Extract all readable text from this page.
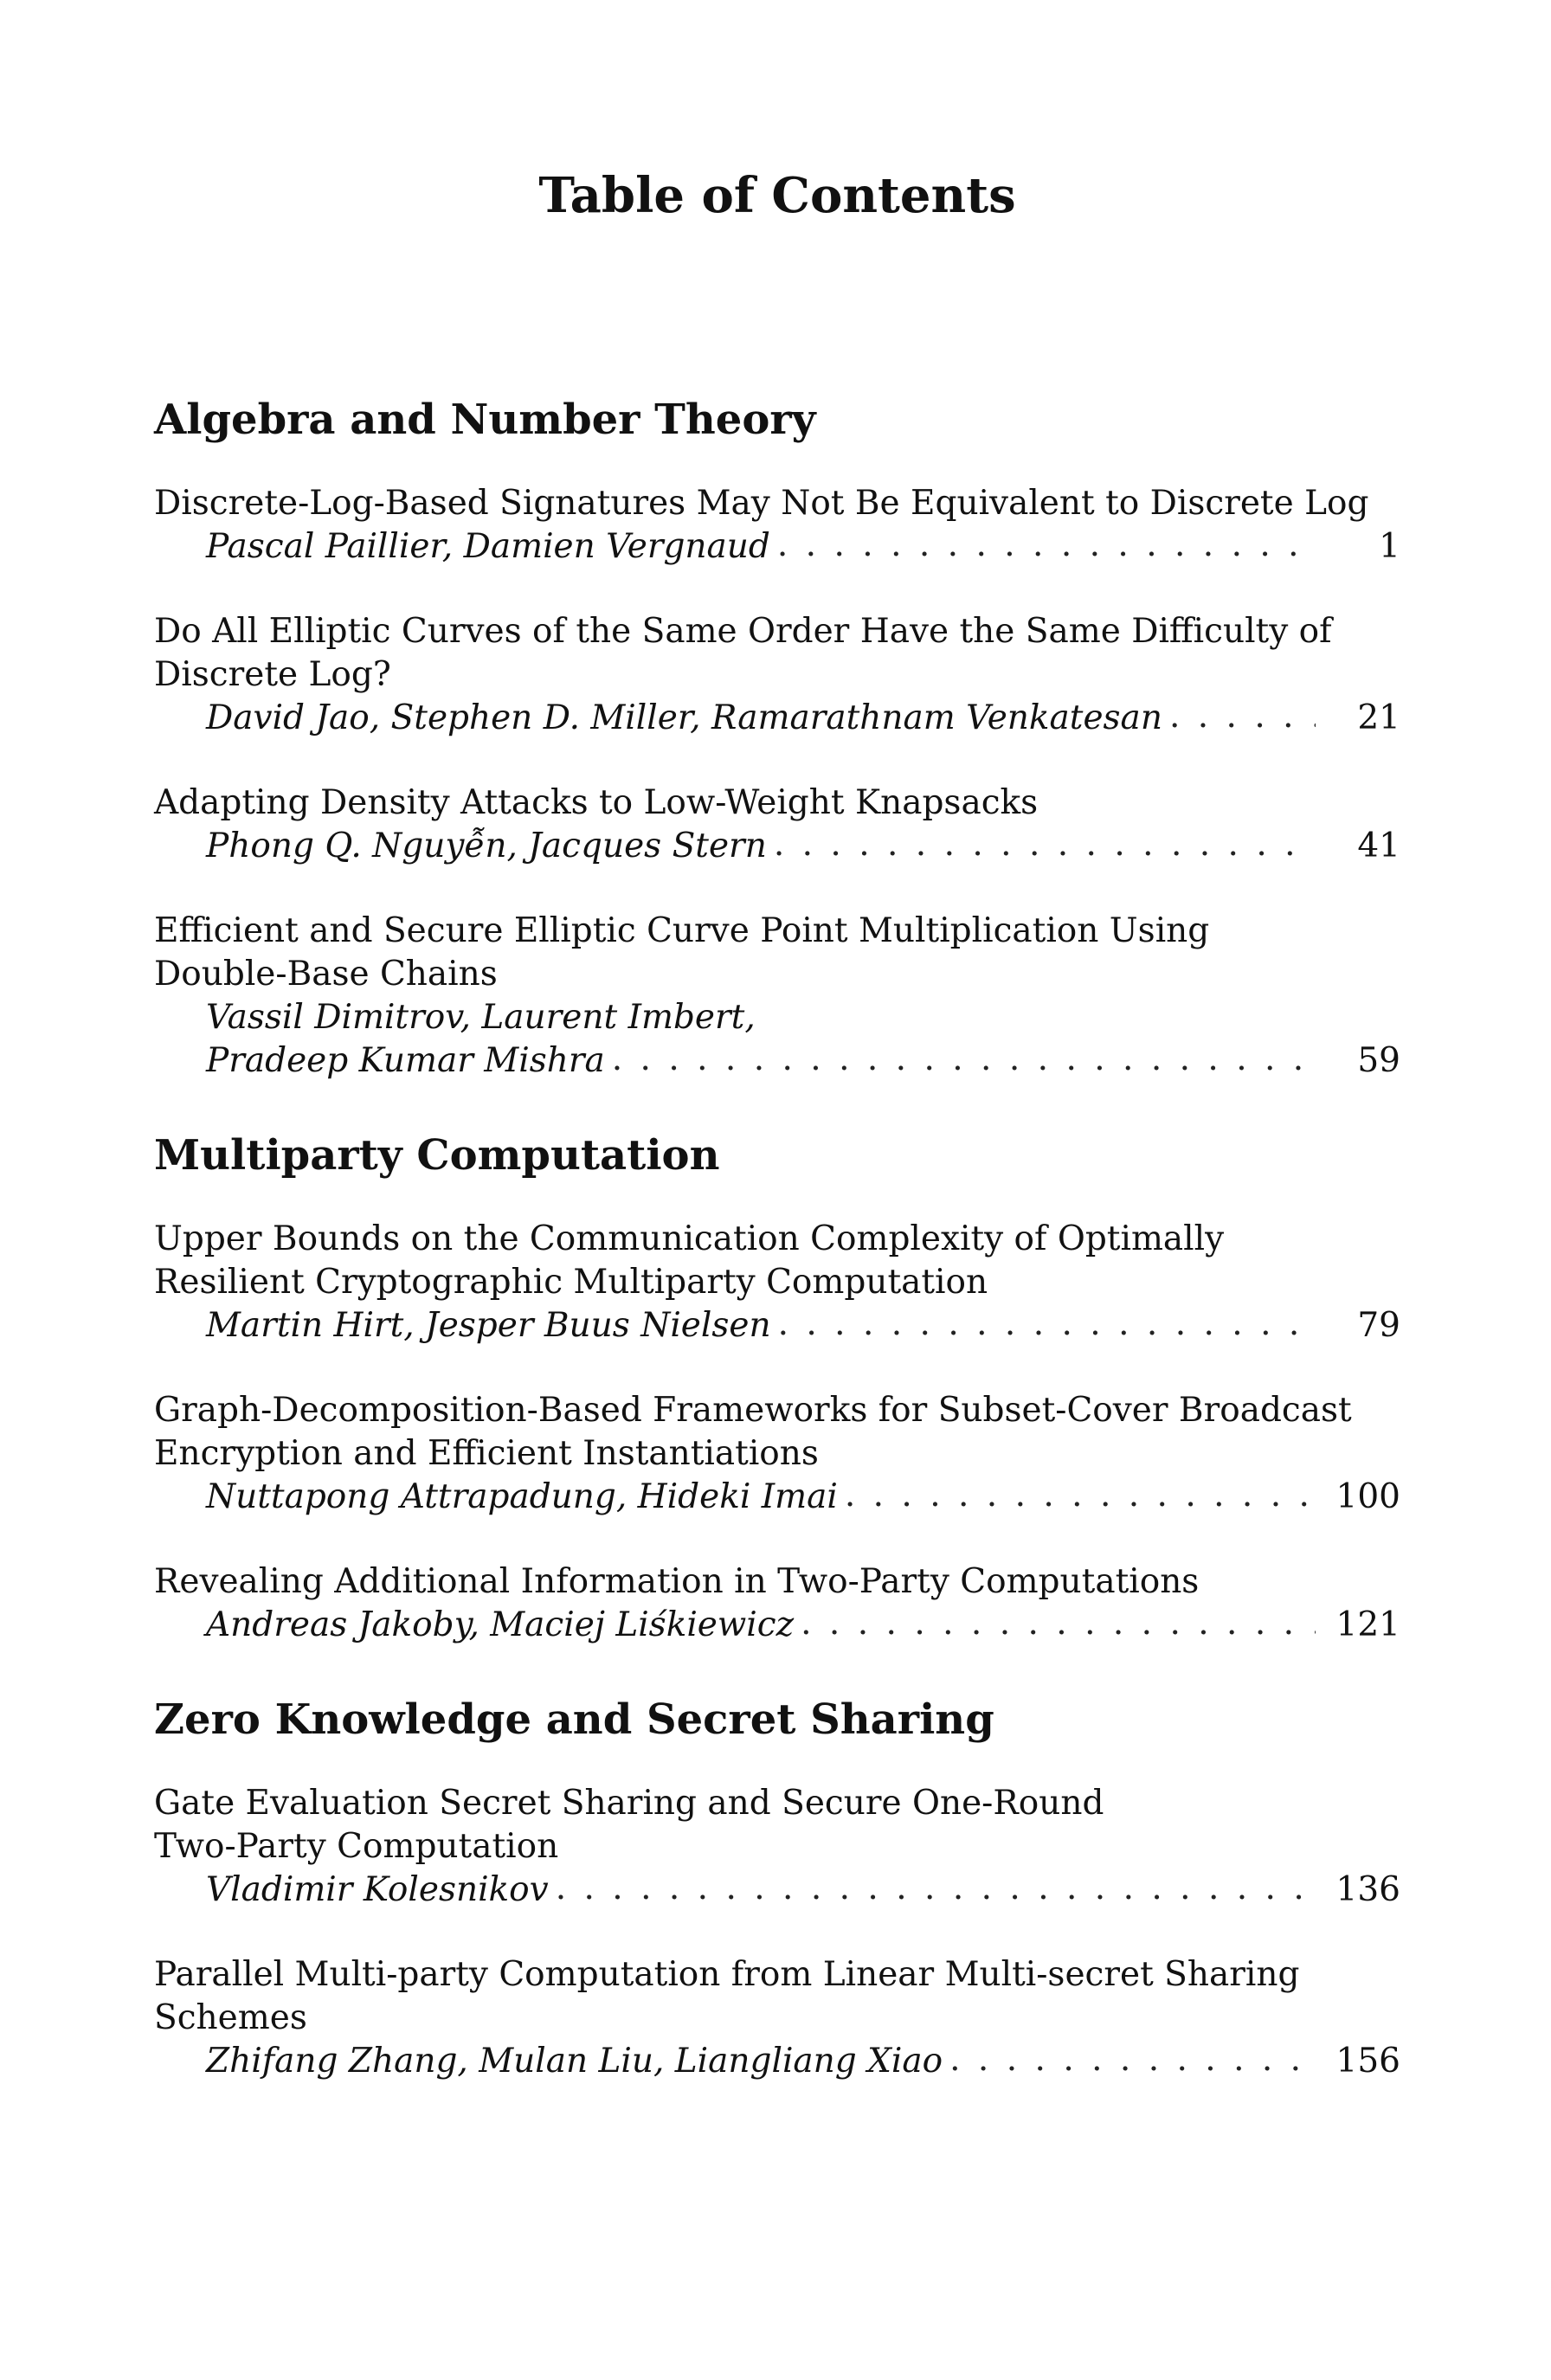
Table of Contents
Algebra and Number Theory

Discrete-Log-Based Signatures May Not Be Equivalent to Discrete Log

Pascal Paillier, Damien Vergnaud . . .	1

Do All Elliptic Curves of the Same Order Have the Same Difficulty of
Discrete Log?

David Jao, Stephen D. Miller, Ramarathnam Venkatesan . . .	21

Adapting Density Attacks to Low-Weight Knapsacks

Phong Q. Nguyễn, Jacques Stern . . .	41

Efficient and Secure Elliptic Curve Point Multiplication Using
Double-Base Chains

Vassil Dimitrov, Laurent Imbert,
Pradeep Kumar Mishra . . .	59
Multiparty Computation

Upper Bounds on the Communication Complexity of Optimally
Resilient Cryptographic Multiparty Computation

Martin Hirt, Jesper Buus Nielsen . . .	79

Graph-Decomposition-Based Frameworks for Subset-Cover Broadcast
Encryption and Efficient Instantiations

Nuttapong Attrapadung, Hideki Imai . . .	100

Revealing Additional Information in Two-Party Computations

Andreas Jakoby, Maciej Liśkiewicz . . .	121
Zero Knowledge and Secret Sharing

Gate Evaluation Secret Sharing and Secure One-Round
Two-Party Computation

Vladimir Kolesnikov . . .	136

Parallel Multi-party Computation from Linear Multi-secret Sharing
Schemes

Zhifang Zhang, Mulan Liu, Liangliang Xiao . . .	156
